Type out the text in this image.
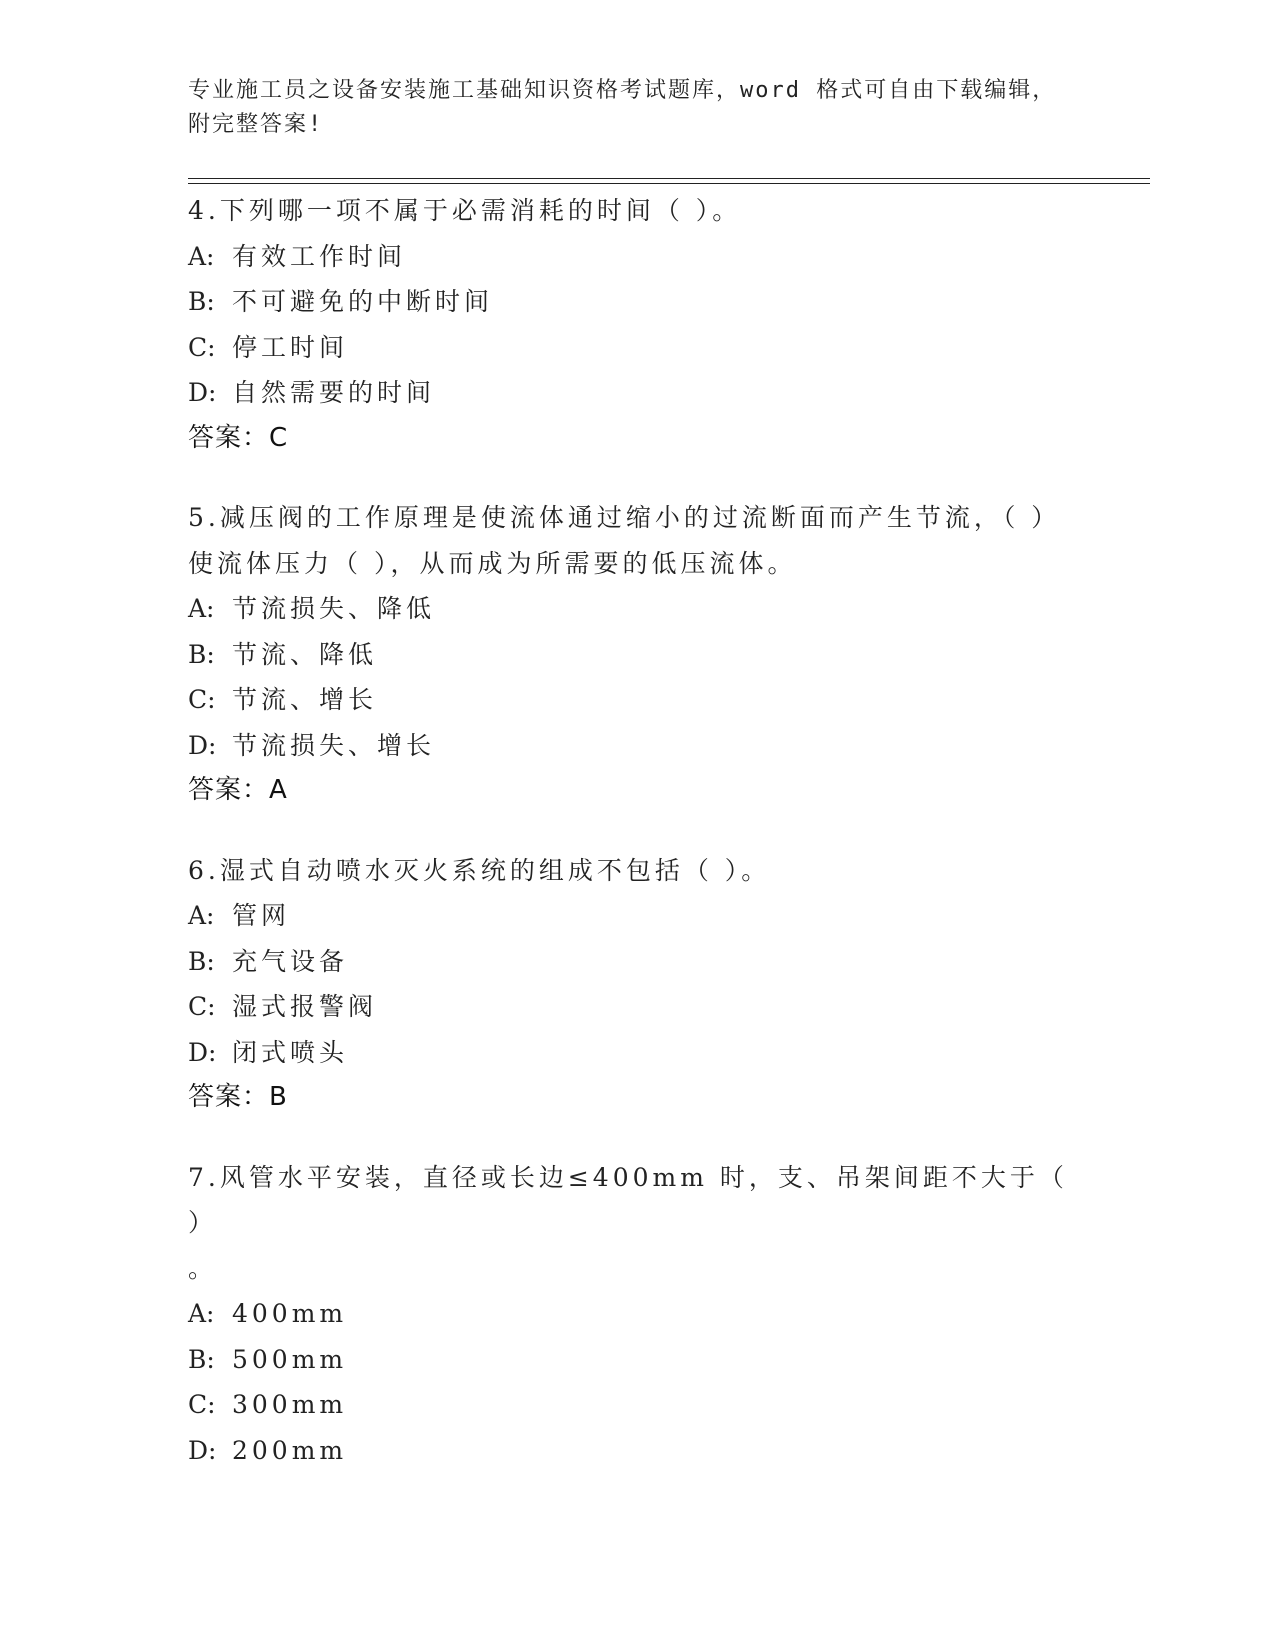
专业施工员之设备安装施工基础知识资格考试题库，word 格式可自由下载编辑，
附完整答案!
4.下列哪一项不属于必需消耗的时间（ ）。
A: 有效工作时间
B: 不可避免的中断时间
C: 停工时间
D: 自然需要的时间
答案：C
5.减压阀的工作原理是使流体通过缩小的过流断面而产生节流，（ ）
使流体压力（ ），从而成为所需要的低压流体。
A: 节流损失、降低
B: 节流、降低
C: 节流、增长
D: 节流损失、增长
答案：A
6.湿式自动喷水灭火系统的组成不包括（ ）。
A: 管网
B: 充气设备
C: 湿式报警阀
D: 闭式喷头
答案：B
7.风管水平安装，直径或长边≤400mm 时，支、吊架间距不大于（ ）
。
A: 400mm
B: 500mm
C: 300mm
D: 200mm
